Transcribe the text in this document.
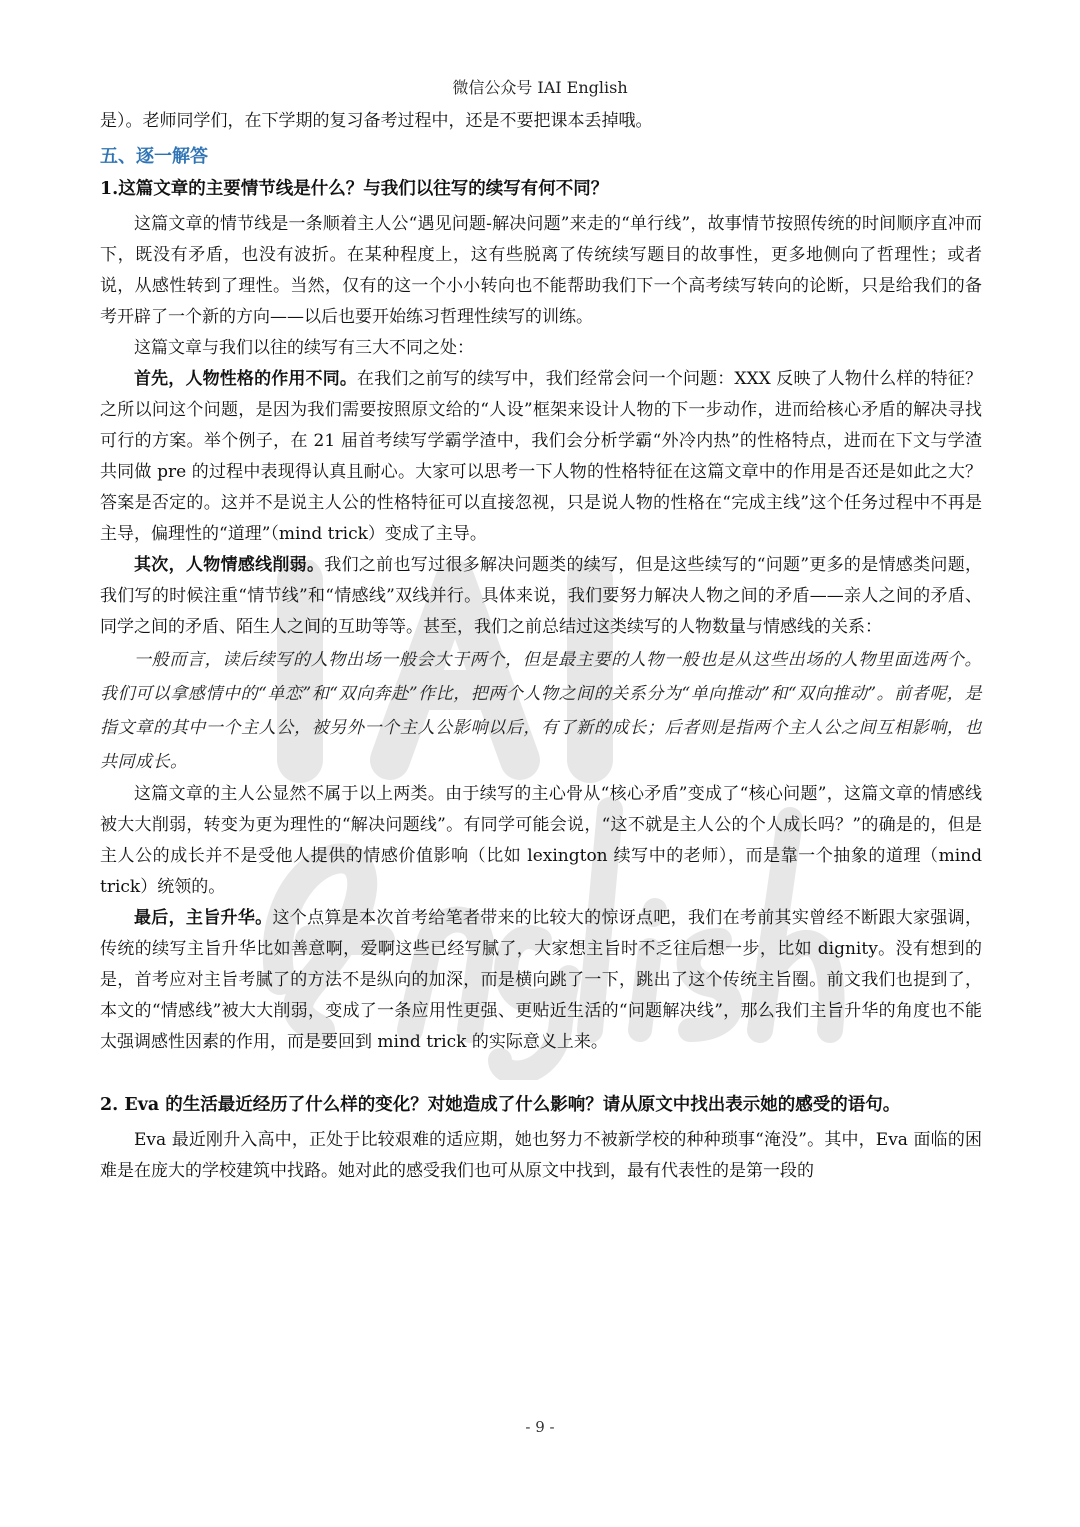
微信公众号 IAI English

是）。老师同学们，在下学期的复习备考过程中，还是不要把课本丢掉哦。

五、逐一解答

1.这篇文章的主要情节线是什么？与我们以往写的续写有何不同？

这篇文章的情节线是一条顺着主人公“遇见问题-解决问题”来走的“单行线”，故事情节按照传统的时间顺序直冲而下，既没有矛盾，也没有波折。在某种程度上，这有些脱离了传统续写题目的故事性，更多地侧向了哲理性；或者说，从感性转到了理性。当然，仅有的这一个小小转向也不能帮助我们下一个高考续写转向的论断，只是给我们的备考开辟了一个新的方向——以后也要开始练习哲理性续写的训练。

这篇文章与我们以往的续写有三大不同之处：

首先，人物性格的作用不同。在我们之前写的续写中，我们经常会问一个问题：XXX 反映了人物什么样的特征？之所以问这个问题，是因为我们需要按照原文给的“人设”框架来设计人物的下一步动作，进而给核心矛盾的解决寻找可行的方案。举个例子，在 21 届首考续写学霸学渣中，我们会分析学霸“外冷内热”的性格特点，进而在下文与学渣共同做 pre 的过程中表现得认真且耐心。大家可以思考一下人物的性格特征在这篇文章中的作用是否还是如此之大？答案是否定的。这并不是说主人公的性格特征可以直接忽视，只是说人物的性格在“完成主线”这个任务过程中不再是主导，偏理性的“道理”（mind trick）变成了主导。

其次，人物情感线削弱。我们之前也写过很多解决问题类的续写，但是这些续写的“问题”更多的是情感类问题，我们写的时候注重“情节线”和“情感线”双线并行。具体来说，我们要努力解决人物之间的矛盾——亲人之间的矛盾、同学之间的矛盾、陌生人之间的互助等等。甚至，我们之前总结过这类续写的人物数量与情感线的关系：

一般而言，读后续写的人物出场一般会大于两个，但是最主要的人物一般也是从这些出场的人物里面选两个。我们可以拿感情中的“单恋”和“双向奔赴”作比，把两个人物之间的关系分为“单向推动”和“双向推动”。前者呢，是指文章的其中一个主人公，被另外一个主人公影响以后，有了新的成长；后者则是指两个主人公之间互相影响，也共同成长。

这篇文章的主人公显然不属于以上两类。由于续写的主心骨从“核心矛盾”变成了“核心问题”，这篇文章的情感线被大大削弱，转变为更为理性的“解决问题线”。有同学可能会说，“这不就是主人公的个人成长吗？”的确是的，但是主人公的成长并不是受他人提供的情感价值影响（比如 lexington 续写中的老师），而是靠一个抽象的道理（mind trick）统领的。

最后，主旨升华。这个点算是本次首考给笔者带来的比较大的惊讶点吧，我们在考前其实曾经不断跟大家强调，传统的续写主旨升华比如善意啊，爱啊这些已经写腻了，大家想主旨时不乏往后想一步，比如 dignity。没有想到的是，首考应对主旨考腻了的方法不是纵向的加深，而是横向跳了一下，跳出了这个传统主旨圈。前文我们也提到了，本文的“情感线”被大大削弱，变成了一条应用性更强、更贴近生活的“问题解决线”，那么我们主旨升华的角度也不能太强调感性因素的作用，而是要回到 mind trick 的实际意义上来。

2. Eva 的生活最近经历了什么样的变化？对她造成了什么影响？请从原文中找出表示她的感受的语句。

Eva 最近刚升入高中，正处于比较艰难的适应期，她也努力不被新学校的种种琐事“淹没”。其中，Eva 面临的困难是在庞大的学校建筑中找路。她对此的感受我们也可从原文中找到，最有代表性的是第一段的

- 9 -
